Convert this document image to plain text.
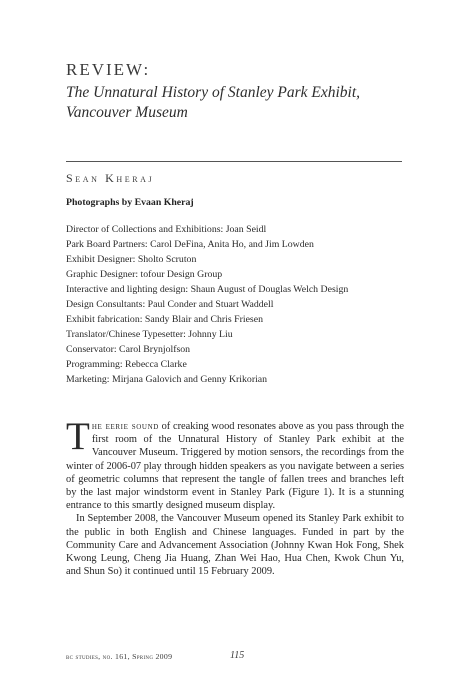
REVIEW:
The Unnatural History of Stanley Park Exhibit, Vancouver Museum
Sean Kheraj
Photographs by Evaan Kheraj
Director of Collections and Exhibitions: Joan Seidl
Park Board Partners: Carol DeFina, Anita Ho, and Jim Lowden
Exhibit Designer: Sholto Scruton
Graphic Designer: tofour Design Group
Interactive and lighting design: Shaun August of Douglas Welch Design
Design Consultants: Paul Conder and Stuart Waddell
Exhibit fabrication: Sandy Blair and Chris Friesen
Translator/Chinese Typesetter: Johnny Liu
Conservator: Carol Brynjolfson
Programming: Rebecca Clarke
Marketing: Mirjana Galovich and Genny Krikorian

The eerie sound of creaking wood resonates above as you pass through the first room of the Unnatural History of Stanley Park exhibit at the Vancouver Museum. Triggered by motion sensors, the recordings from the winter of 2006-07 play through hidden speakers as you navigate between a series of geometric columns that represent the tangle of fallen trees and branches left by the last major windstorm event in Stanley Park (Figure 1). It is a stunning entrance to this smartly designed museum display.

In September 2008, the Vancouver Museum opened its Stanley Park exhibit to the public in both English and Chinese languages. Funded in part by the Community Care and Advancement Association (Johnny Kwan Hok Fong, Shek Kwong Leung, Cheng Jia Huang, Zhan Wei Hao, Hua Chen, Kwok Chun Yu, and Shun So) it continued until 15 February 2009.

bc studies, no. 161, Spring 2009	115
